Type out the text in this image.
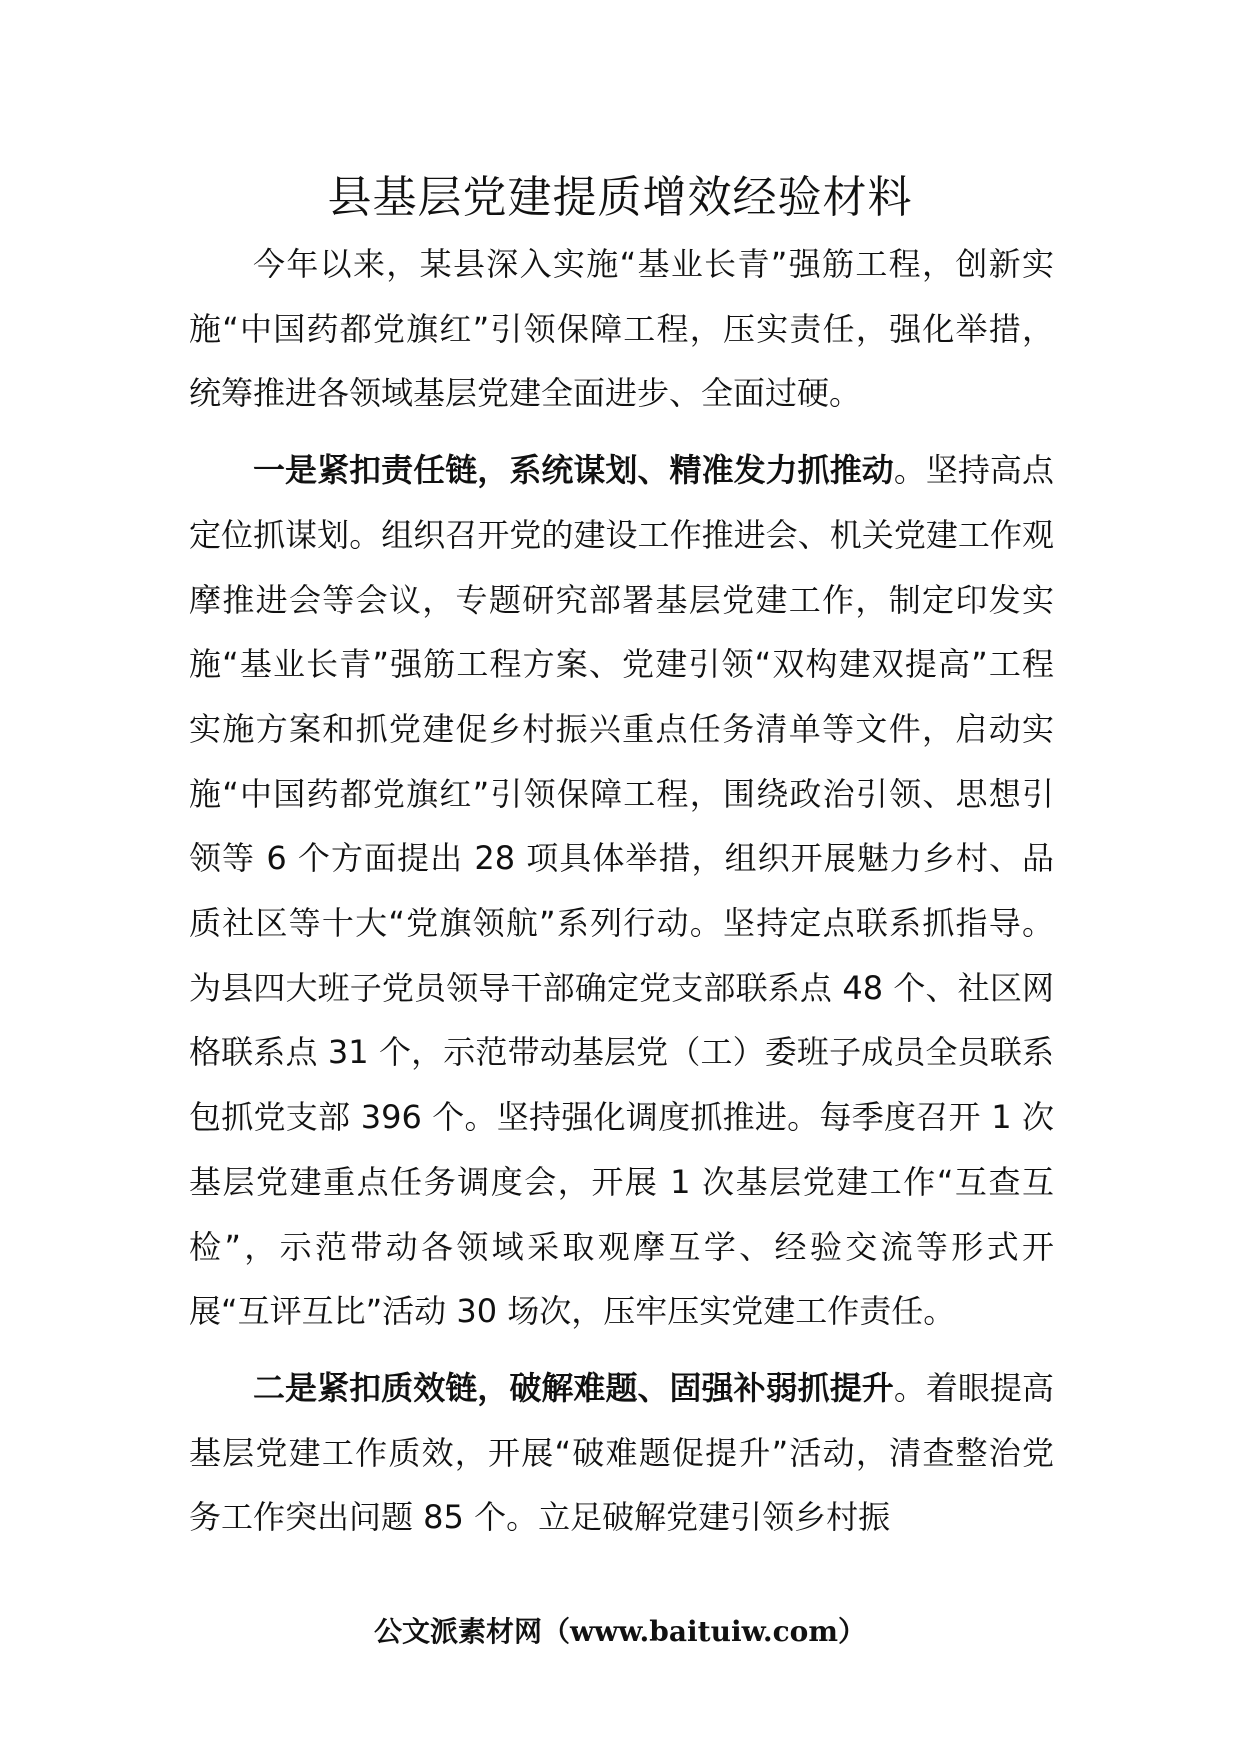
县基层党建提质增效经验材料

今年以来，某县深入实施“基业长青”强筋工程，创新实施“中国药都党旗红”引领保障工程，压实责任，强化举措，统筹推进各领域基层党建全面进步、全面过硬。

一是紧扣责任链，系统谋划、精准发力抓推动。坚持高点定位抓谋划。组织召开党的建设工作推进会、机关党建工作观摩推进会等会议，专题研究部署基层党建工作，制定印发实施“基业长青”强筋工程方案、党建引领“双构建双提高”工程实施方案和抓党建促乡村振兴重点任务清单等文件，启动实施“中国药都党旗红”引领保障工程，围绕政治引领、思想引领等 6 个方面提出 28 项具体举措，组织开展魅力乡村、品质社区等十大“党旗领航”系列行动。坚持定点联系抓指导。为县四大班子党员领导干部确定党支部联系点 48 个、社区网格联系点 31 个，示范带动基层党（工）委班子成员全员联系包抓党支部 396 个。坚持强化调度抓推进。每季度召开 1 次基层党建重点任务调度会，开展 1 次基层党建工作“互查互检”，示范带动各领域采取观摩互学、经验交流等形式开展“互评互比”活动 30 场次，压牢压实党建工作责任。

二是紧扣质效链，破解难题、固强补弱抓提升。着眼提高基层党建工作质效，开展“破难题促提升”活动，清查整治党务工作突出问题 85 个。立足破解党建引领乡村振

公文派素材网（www.baituiw.com）
